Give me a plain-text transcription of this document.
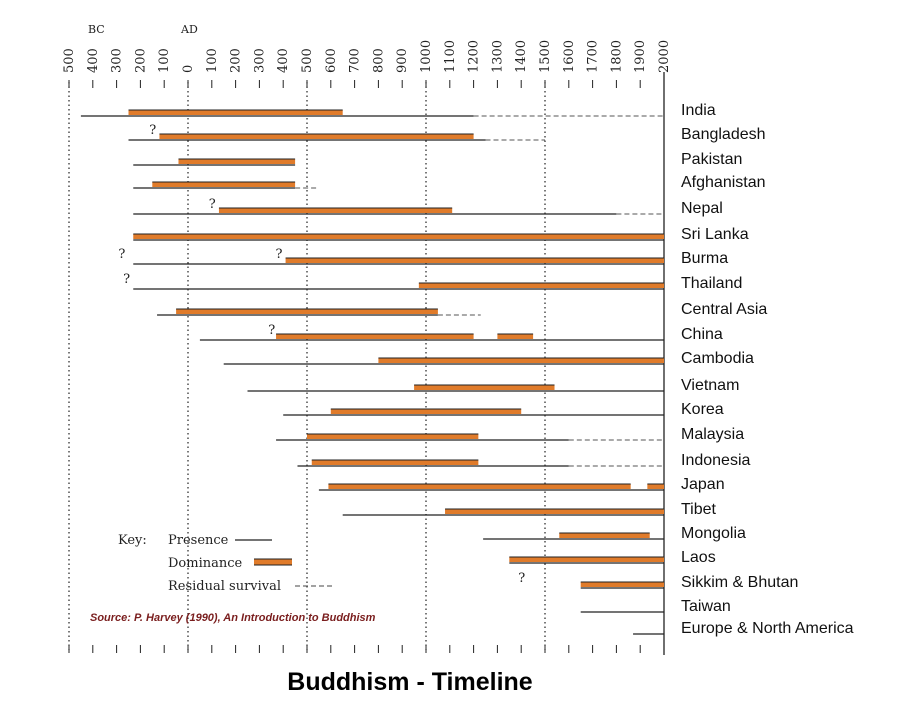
BC	AD
500 400 300 200 100 0 100 200 300 400 500 600 700 800 900 1000 1100 1200 1300 1400 1500 1600 1700 1800 1900 2000
India
?	Bangladesh
Pakistan
Afghanistan
?	Nepal
Sri Lanka
?	?	Burma
?	Thailand
Central Asia
?	China
Cambodia
Vietnam
Korea
Malaysia
Indonesia
Japan
Tibet
Mongolia
Laos
?	Sikkim & Bhutan
Taiwan
Europe & North America
Key: Presence
Dominance
Residual survival
Source: P. Harvey (1990), An Introduction to Buddhism
Buddhism - Timeline
